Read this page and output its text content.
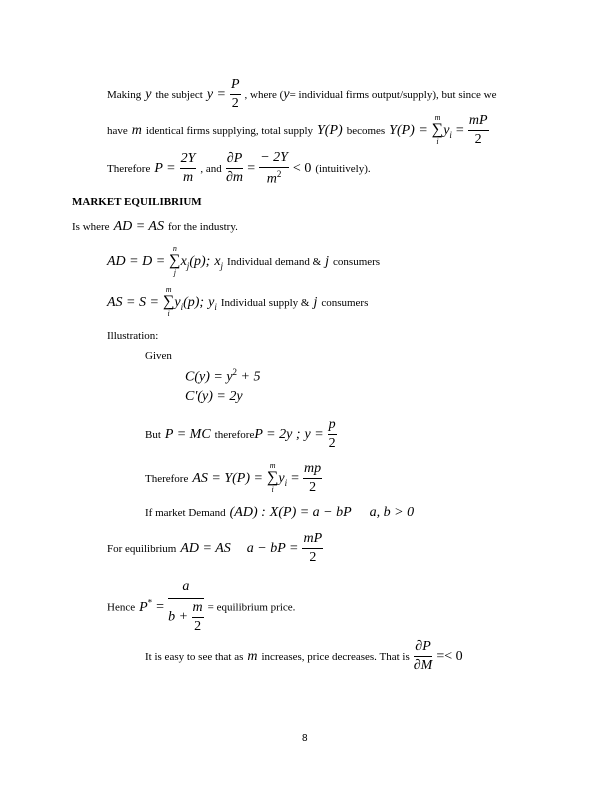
Making y the subject $y = \frac{P}{2}$ , where (y= individual firms output/supply), but since we
have m identical firms supplying, total supply Y(P) becomes Y(P) =
m
∑
i
$y_i = \frac{mP}{2}$
Therefore $P = \frac{2Y}{m}$ , and $\frac{\partial P}{\partial m} = \frac{- 2Y}{m^2} < 0$ (intuitively).
MARKET EQUILIBRIUM
Is where AD = AS for the industry.
AD = D =
n
∑
j
$x_j(p)$; $x_j$ Individual demand & j consumers
AS = S =
m
∑
i
$y_i(p)$; $y_i$ Individual supply & j consumers
Illustration:
Given
$C(y) = y^2 + 5$
C'(y) = 2y
But P = MC thereforeP = 2y ; $y = \frac{p}{2}$
Therefore AS = Y(P) =
m
∑
i
$y_i = \frac{mp}{2}$
If market Demand (AD) : X(P) = a − bP a, b > 0
For equilibrium AD = AS a − bP = $\frac{mP}{2}$
Hence $P^* = \frac{a}{b + \frac{m}{2}}$ = equilibrium price.
It is easy to see that as m increases, price decreases. That is $\frac{\partial P}{\partial M} =< 0$
8
